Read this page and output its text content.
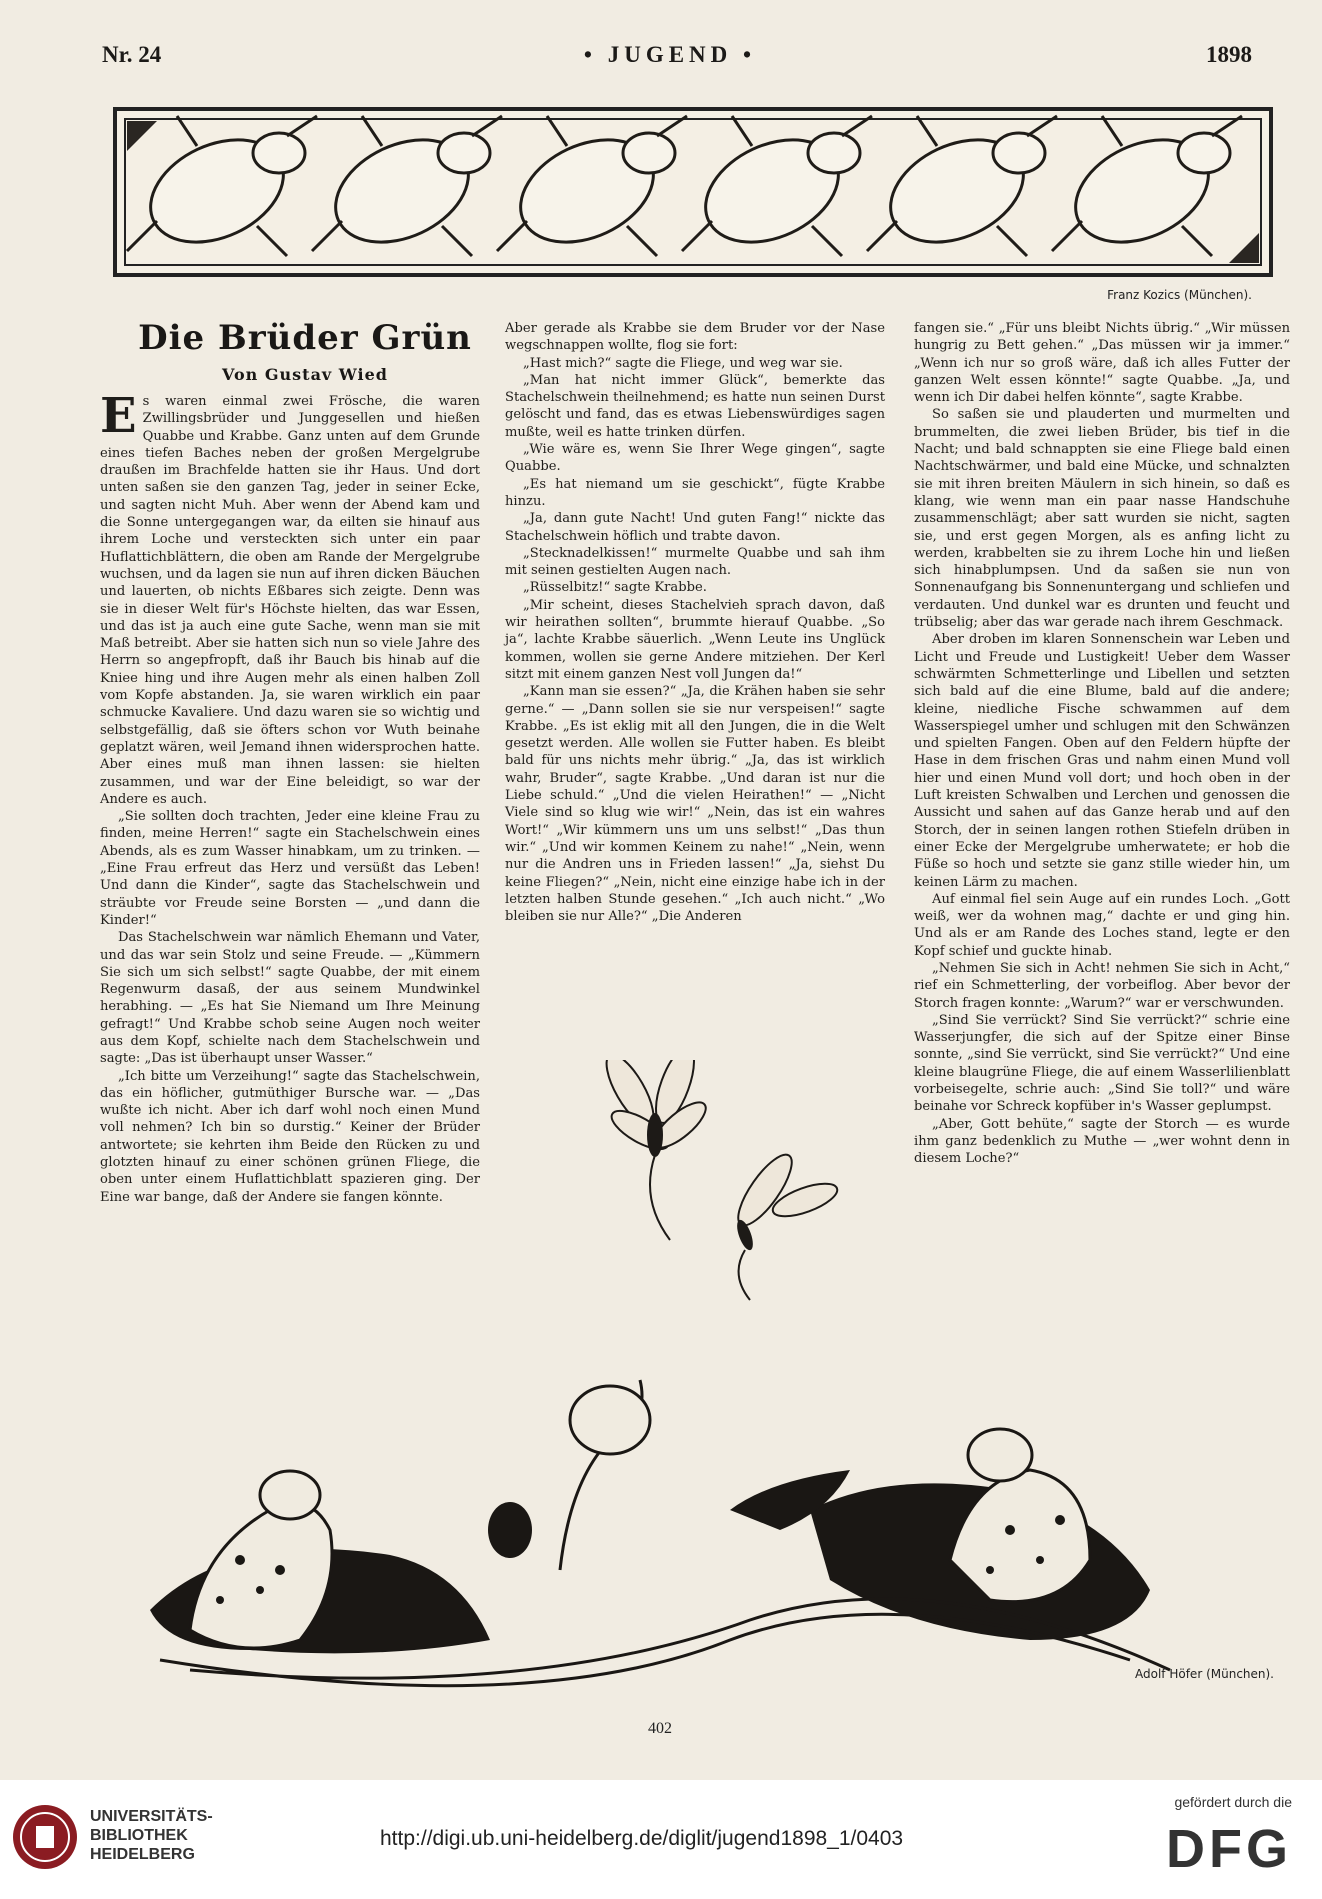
Nr. 24	• JUGEND •	1898
Franz Kozics (München).
Die Brüder Grün
Von Gustav Wied

Es waren einmal zwei Frösche, die waren Zwillingsbrüder und Junggesellen und hießen Quabbe und Krabbe. Ganz unten auf dem Grunde eines tiefen Baches neben der großen Mergelgrube draußen im Brachfelde hatten sie ihr Haus. Und dort unten saßen sie den ganzen Tag, jeder in seiner Ecke, und sagten nicht Muh. Aber wenn der Abend kam und die Sonne untergegangen war, da eilten sie hinauf aus ihrem Loche und versteckten sich unter ein paar Huflattichblättern, die oben am Rande der Mergelgrube wuchsen, und da lagen sie nun auf ihren dicken Bäuchen und lauerten, ob nichts Eßbares sich zeigte. Denn was sie in dieser Welt für's Höchste hielten, das war Essen, und das ist ja auch eine gute Sache, wenn man sie mit Maß betreibt. Aber sie hatten sich nun so viele Jahre des Herrn so angepfropft, daß ihr Bauch bis hinab auf die Kniee hing und ihre Augen mehr als einen halben Zoll vom Kopfe abstanden. Ja, sie waren wirklich ein paar schmucke Kavaliere. Und dazu waren sie so wichtig und selbstgefällig, daß sie öfters schon vor Wuth beinahe geplatzt wären, weil Jemand ihnen widersprochen hatte. Aber eines muß man ihnen lassen: sie hielten zusammen, und war der Eine beleidigt, so war der Andere es auch.

„Sie sollten doch trachten, Jeder eine kleine Frau zu finden, meine Herren!“ sagte ein Stachelschwein eines Abends, als es zum Wasser hinabkam, um zu trinken. — „Eine Frau erfreut das Herz und versüßt das Leben! Und dann die Kinder“, sagte das Stachelschwein und sträubte vor Freude seine Borsten — „und dann die Kinder!“

Das Stachelschwein war nämlich Ehemann und Vater, und das war sein Stolz und seine Freude. — „Kümmern Sie sich um sich selbst!“ sagte Quabbe, der mit einem Regenwurm dasaß, der aus seinem Mundwinkel herabhing. — „Es hat Sie Niemand um Ihre Meinung gefragt!“ Und Krabbe schob seine Augen noch weiter aus dem Kopf, schielte nach dem Stachelschwein und sagte: „Das ist überhaupt unser Wasser.“

„Ich bitte um Verzeihung!“ sagte das Stachelschwein, das ein höflicher, gutmüthiger Bursche war. — „Das wußte ich nicht. Aber ich darf wohl noch einen Mund voll nehmen? Ich bin so durstig.“ Keiner der Brüder antwortete; sie kehrten ihm Beide den Rücken zu und glotzten hinauf zu einer schönen grünen Fliege, die oben unter einem Huflattichblatt spazieren ging. Der Eine war bange, daß der Andere sie fangen könnte.

Aber gerade als Krabbe sie dem Bruder vor der Nase wegschnappen wollte, flog sie fort:

„Hast mich?“ sagte die Fliege, und weg war sie.

„Man hat nicht immer Glück“, bemerkte das Stachelschwein theilnehmend; es hatte nun seinen Durst gelöscht und fand, das es etwas Liebenswürdiges sagen mußte, weil es hatte trinken dürfen.

„Wie wäre es, wenn Sie Ihrer Wege gingen“, sagte Quabbe.

„Es hat niemand um sie geschickt“, fügte Krabbe hinzu.

„Ja, dann gute Nacht! Und guten Fang!“ nickte das Stachelschwein höflich und trabte davon.

„Stecknadelkissen!“ murmelte Quabbe und sah ihm mit seinen gestielten Augen nach.

„Rüsselbitz!“ sagte Krabbe.

„Mir scheint, dieses Stachelvieh sprach davon, daß wir heirathen sollten“, brummte hierauf Quabbe. „So ja“, lachte Krabbe säuerlich. „Wenn Leute ins Unglück kommen, wollen sie gerne Andere mitziehen. Der Kerl sitzt mit einem ganzen Nest voll Jungen da!“

„Kann man sie essen?“ „Ja, die Krähen haben sie sehr gerne.“ — „Dann sollen sie sie nur verspeisen!“ sagte Krabbe. „Es ist eklig mit all den Jungen, die in die Welt gesetzt werden. Alle wollen sie Futter haben. Es bleibt bald für uns nichts mehr übrig.“ „Ja, das ist wirklich wahr, Bruder“, sagte Krabbe. „Und daran ist nur die Liebe schuld.“ „Und die vielen Heirathen!“ — „Nicht Viele sind so klug wie wir!“ „Nein, das ist ein wahres Wort!“ „Wir kümmern uns um uns selbst!“ „Das thun wir.“ „Und wir kommen Keinem zu nahe!“ „Nein, wenn nur die Andren uns in Frieden lassen!“ „Ja, siehst Du keine Fliegen?“ „Nein, nicht eine einzige habe ich in der letzten halben Stunde gesehen.“ „Ich auch nicht.“ „Wo bleiben sie nur Alle?“ „Die Anderen

fangen sie.“ „Für uns bleibt Nichts übrig.“ „Wir müssen hungrig zu Bett gehen.“ „Das müssen wir ja immer.“ „Wenn ich nur so groß wäre, daß ich alles Futter der ganzen Welt essen könnte!“ sagte Quabbe. „Ja, und wenn ich Dir dabei helfen könnte“, sagte Krabbe.

So saßen sie und plauderten und murmelten und brummelten, die zwei lieben Brüder, bis tief in die Nacht; und bald schnappten sie eine Fliege bald einen Nachtschwärmer, und bald eine Mücke, und schnalzten sie mit ihren breiten Mäulern in sich hinein, so daß es klang, wie wenn man ein paar nasse Handschuhe zusammenschlägt; aber satt wurden sie nicht, sagten sie, und erst gegen Morgen, als es anfing licht zu werden, krabbelten sie zu ihrem Loche hin und ließen sich hinabplumpsen. Und da saßen sie nun von Sonnenaufgang bis Sonnenuntergang und schliefen und verdauten. Und dunkel war es drunten und feucht und trübselig; aber das war gerade nach ihrem Geschmack.

Aber droben im klaren Sonnenschein war Leben und Licht und Freude und Lustigkeit! Ueber dem Wasser schwärmten Schmetterlinge und Libellen und setzten sich bald auf die eine Blume, bald auf die andere; kleine, niedliche Fische schwammen auf dem Wasserspiegel umher und schlugen mit den Schwänzen und spielten Fangen. Oben auf den Feldern hüpfte der Hase in dem frischen Gras und nahm einen Mund voll hier und einen Mund voll dort; und hoch oben in der Luft kreisten Schwalben und Lerchen und genossen die Aussicht und sahen auf das Ganze herab und auf den Storch, der in seinen langen rothen Stiefeln drüben in einer Ecke der Mergelgrube umherwatete; er hob die Füße so hoch und setzte sie ganz stille wieder hin, um keinen Lärm zu machen.

Auf einmal fiel sein Auge auf ein rundes Loch. „Gott weiß, wer da wohnen mag,“ dachte er und ging hin. Und als er am Rande des Loches stand, legte er den Kopf schief und guckte hinab.

„Nehmen Sie sich in Acht! nehmen Sie sich in Acht,“ rief ein Schmetterling, der vorbeiflog. Aber bevor der Storch fragen konnte: „Warum?“ war er verschwunden.

„Sind Sie verrückt? Sind Sie verrückt?“ schrie eine Wasserjungfer, die sich auf der Spitze einer Binse sonnte, „sind Sie verrückt, sind Sie verrückt?“ Und eine kleine blaugrüne Fliege, die auf einem Wasserlilienblatt vorbeisegelte, schrie auch: „Sind Sie toll?“ und wäre beinahe vor Schreck kopfüber in's Wasser geplumpst.

„Aber, Gott behüte,“ sagte der Storch — es wurde ihm ganz bedenklich zu Muthe — „wer wohnt denn in diesem Loche?“

Adolf Höfer (München).
402
UNIVERSITÄTS-
BIBLIOTHEK
HEIDELBERG
http://digi.ub.uni-heidelberg.de/diglit/jugend1898_1/0403
gefördert durch die
DFG
